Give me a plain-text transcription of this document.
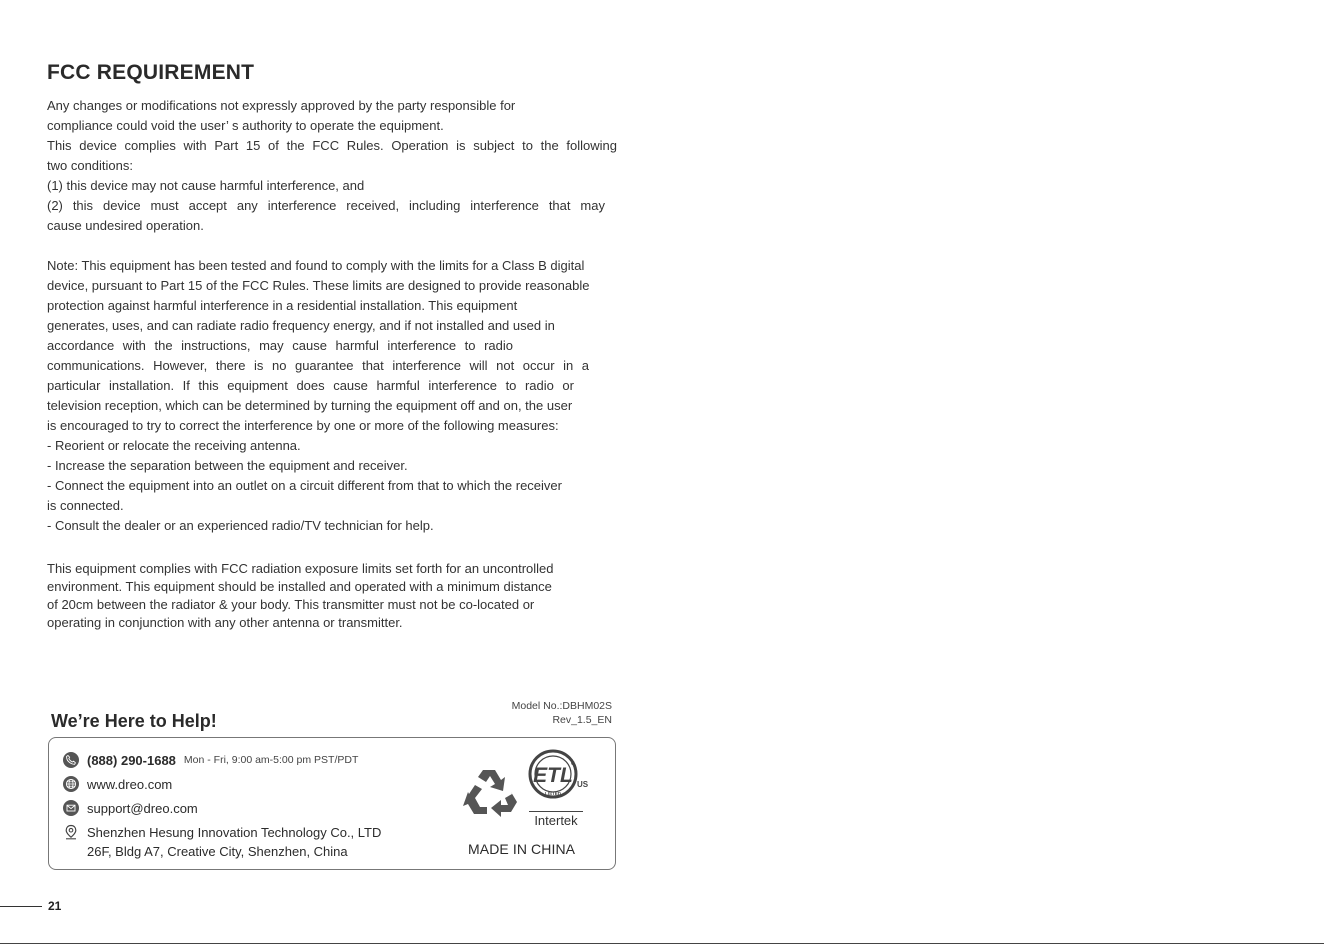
FCC REQUIREMENT
Any changes or modifications not expressly approved by the party responsible for
compliance could void the user’ s authority to operate the equipment.
This device complies with Part 15 of the FCC Rules. Operation is subject to the following
two conditions:
(1) this device may not cause harmful interference, and
(2) this device must accept any interference received, including interference that may
cause undesired operation.
Note: This equipment has been tested and found to comply with the limits for a Class B digital
device, pursuant to Part 15 of the FCC Rules. These limits are designed to provide reasonable
protection against harmful interference in a residential installation. This equipment
generates, uses, and can radiate radio frequency energy, and if not installed and used in
accordance with the instructions, may cause harmful interference to radio
communications. However, there is no guarantee that interference will not occur in a
particular installation. If this equipment does cause harmful interference to radio or
television reception, which can be determined by turning the equipment off and on, the user
is encouraged to try to correct the interference by one or more of the following measures:
- Reorient or relocate the receiving antenna.
- Increase the separation between the equipment and receiver.
- Connect the equipment into an outlet on a circuit different from that to which the receiver
is connected.
- Consult the dealer or an experienced radio/TV technician for help.
This equipment complies with FCC radiation exposure limits set forth for an uncontrolled
environment. This equipment should be installed and operated with a minimum distance
of 20cm between the radiator & your body. This transmitter must not be co-located or
operating in conjunction with any other antenna or transmitter.
Model No.:DBHM02S
Rev_1.5_EN
We’re Here to Help!
(888) 290-1688 Mon - Fri, 9:00 am-5:00 pm PST/PDT
www.dreo.com
support@dreo.com
Shenzhen Hesung Innovation Technology Co., LTD
26F, Bldg A7, Creative City, Shenzhen, China
ETL
LISTED
C
US
Intertek
MADE IN CHINA
21
